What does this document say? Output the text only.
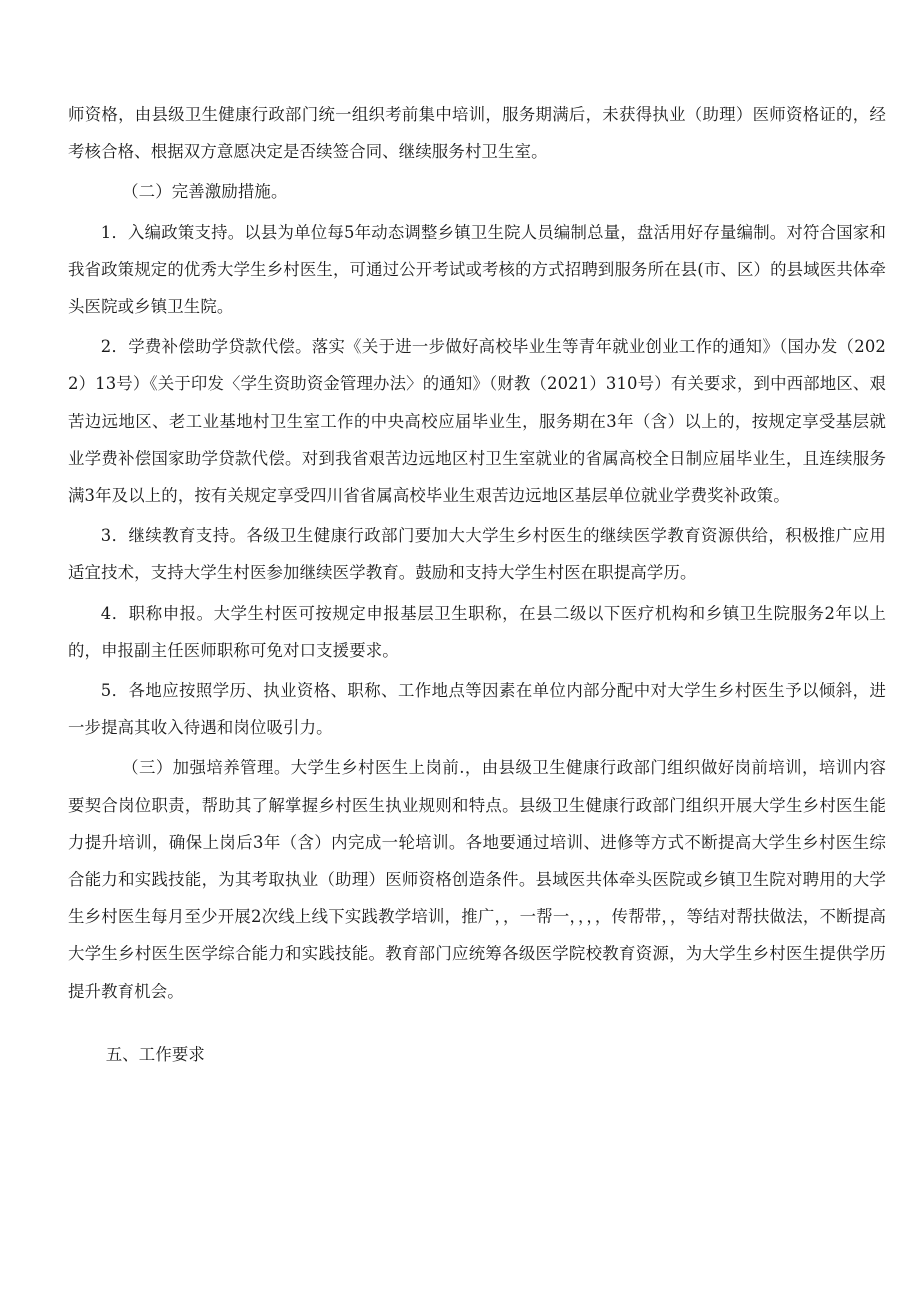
师资格，由县级卫生健康行政部门统一组织考前集中培训，服务期满后，未获得执业（助理）医师资格证的，经考核合格、根据双方意愿决定是否续签合同、继续服务村卫生室。

（二）完善激励措施。

1．入编政策支持。以县为单位每5年动态调整乡镇卫生院人员编制总量，盘活用好存量编制。对符合国家和我省政策规定的优秀大学生乡村医生，可通过公开考试或考核的方式招聘到服务所在县(市、区）的县域医共体牵头医院或乡镇卫生院。

2．学费补偿助学贷款代偿。落实《关于进一步做好高校毕业生等青年就业创业工作的通知》（国办发（2022）13号）《关于印发〈学生资助资金管理办法〉的通知》（财教（2021）310号）有关要求，到中西部地区、艰苦边远地区、老工业基地村卫生室工作的中央高校应届毕业生，服务期在3年（含）以上的，按规定享受基层就业学费补偿国家助学贷款代偿。对到我省艰苦边远地区村卫生室就业的省属高校全日制应届毕业生，且连续服务满3年及以上的，按有关规定享受四川省省属高校毕业生艰苦边远地区基层单位就业学费奖补政策。

3．继续教育支持。各级卫生健康行政部门要加大大学生乡村医生的继续医学教育资源供给，积极推广应用适宜技术，支持大学生村医参加继续医学教育。鼓励和支持大学生村医在职提高学历。

4．职称申报。大学生村医可按规定申报基层卫生职称，在县二级以下医疗机构和乡镇卫生院服务2年以上的，申报副主任医师职称可免对口支援要求。

5．各地应按照学历、执业资格、职称、工作地点等因素在单位内部分配中对大学生乡村医生予以倾斜，进一步提高其收入待遇和岗位吸引力。

（三）加强培养管理。大学生乡村医生上岗前.，由县级卫生健康行政部门组织做好岗前培训，培训内容要契合岗位职责，帮助其了解掌握乡村医生执业规则和特点。县级卫生健康行政部门组织开展大学生乡村医生能力提升培训，确保上岗后3年（含）内完成一轮培训。各地要通过培训、进修等方式不断提高大学生乡村医生综合能力和实践技能，为其考取执业（助理）医师资格创造条件。县域医共体牵头医院或乡镇卫生院对聘用的大学生乡村医生每月至少开展2次线上线下实践教学培训，推广，，一帮一，，，，传帮带，，等结对帮扶做法，不断提高大学生乡村医生医学综合能力和实践技能。教育部门应统筹各级医学院校教育资源，为大学生乡村医生提供学历提升教育机会。

五、工作要求
